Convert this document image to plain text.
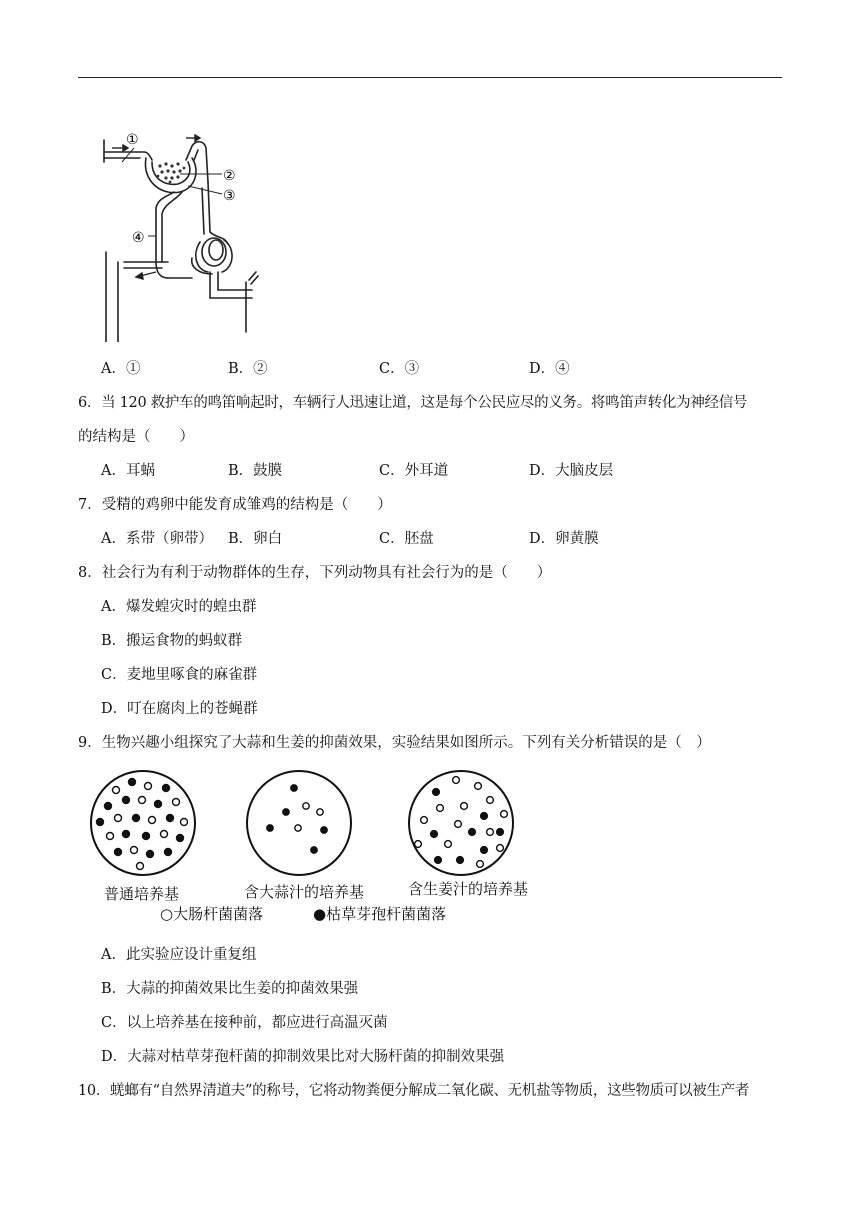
①
②
③
④
A．①	B．②	C．③	D．④
6．当 120 救护车的鸣笛响起时，车辆行人迅速让道，这是每个公民应尽的义务。将鸣笛声转化为神经信号
的结构是（　　）
A．耳蜗	B．鼓膜	C．外耳道	D．大脑皮层
7．受精的鸡卵中能发育成雏鸡的结构是（　　）
A．系带（卵带） B．卵白	C．胚盘	D．卵黄膜
8．社会行为有利于动物群体的生存，下列动物具有社会行为的是（　　）
A．爆发蝗灾时的蝗虫群
B．搬运食物的蚂蚁群
C．麦地里啄食的麻雀群
D．叮在腐肉上的苍蝇群
9．生物兴趣小组探究了大蒜和生姜的抑菌效果，实验结果如图所示。下列有关分析错误的是（　）
普通培养基	含大蒜汁的培养基	含生姜汁的培养基
○大肠杆菌菌落	●枯草芽孢杆菌菌落
A．此实验应设计重复组
B．大蒜的抑菌效果比生姜的抑菌效果强
C．以上培养基在接种前，都应进行高温灭菌
D．大蒜对枯草芽孢杆菌的抑制效果比对大肠杆菌的抑制效果强
10．蜣螂有“自然界清道夫”的称号，它将动物粪便分解成二氧化碳、无机盐等物质，这些物质可以被生产者
